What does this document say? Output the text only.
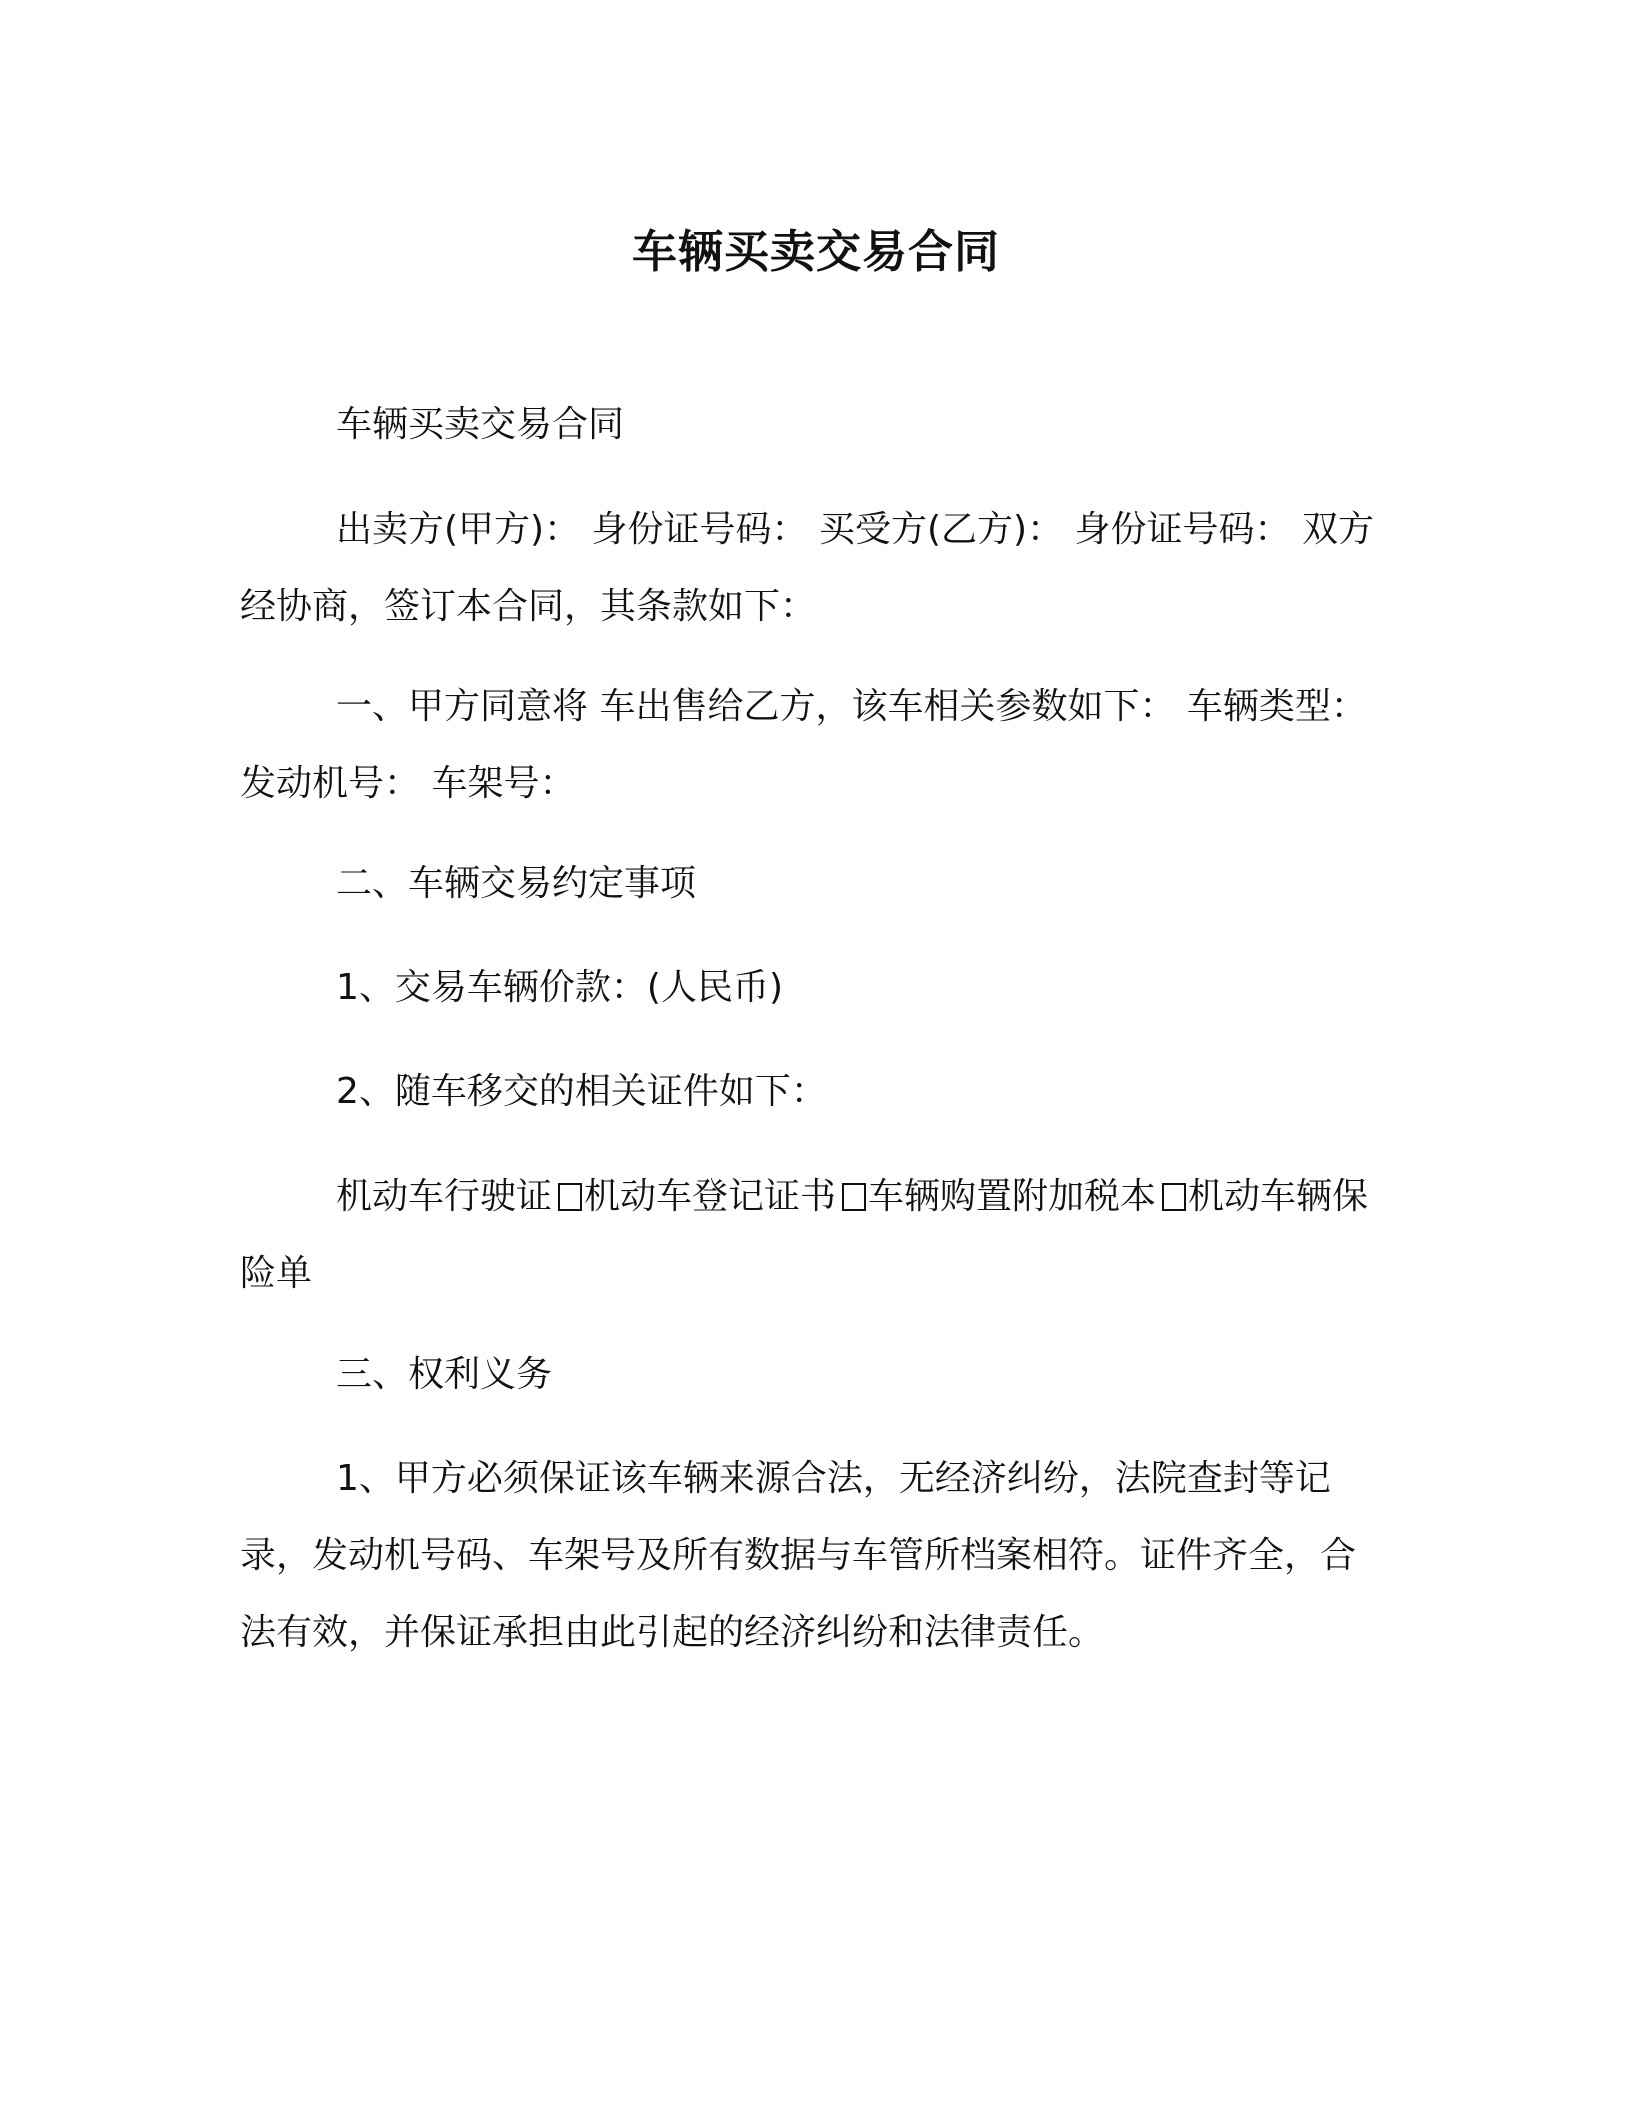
车辆买卖交易合同

车辆买卖交易合同

出卖方(甲方)： 身份证号码： 买受方(乙方)： 身份证号码： 双方经协商，签订本合同，其条款如下：

一、甲方同意将 车出售给乙方，该车相关参数如下： 车辆类型：发动机号： 车架号：

二、车辆交易约定事项

1、交易车辆价款：(人民币)

2、随车移交的相关证件如下：

机动车行驶证 机动车登记证书 车辆购置附加税本 机动车辆保险单

三、权利义务

1、甲方必须保证该车辆来源合法，无经济纠纷，法院查封等记录，发动机号码、车架号及所有数据与车管所档案相符。证件齐全，合法有效，并保证承担由此引起的经济纠纷和法律责任。
